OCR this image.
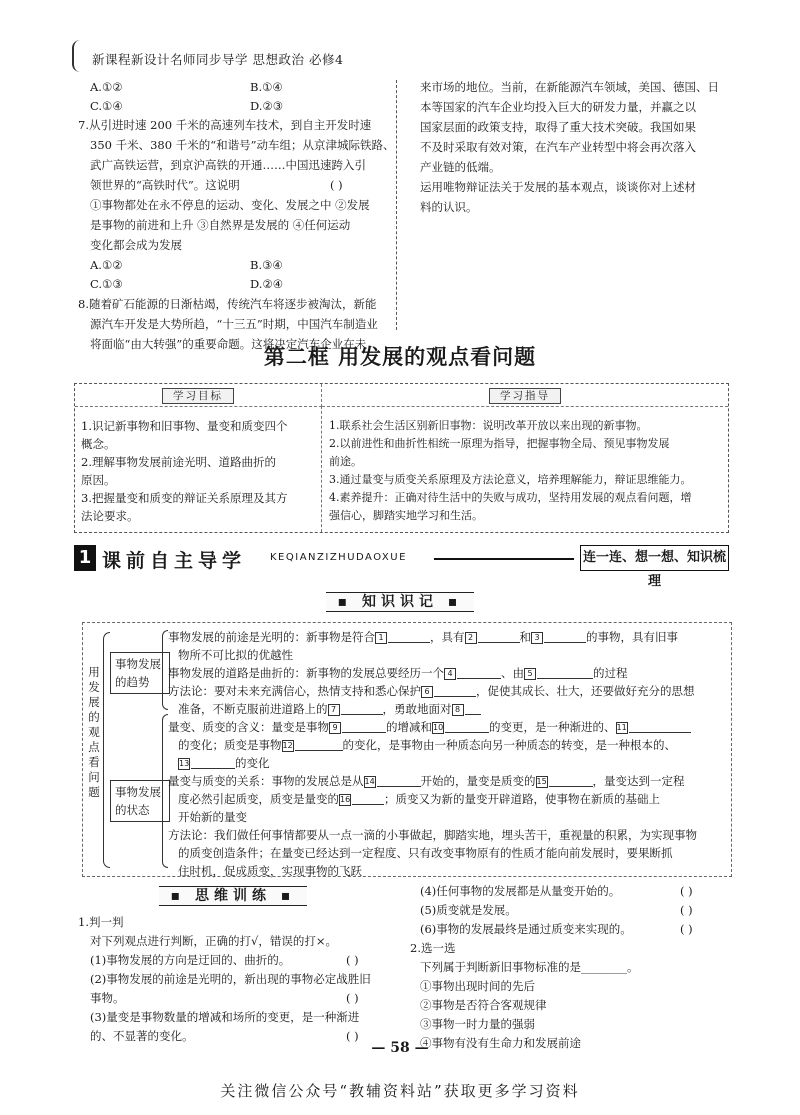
新课程新设计名师同步导学 思想政治 必修4
A.①②	B.①④
C.①④	D.②③
7.从引进时速 200 千米的高速列车技术，到自主开发时速
350 千米、380 千米的“和谐号”动车组；从京津城际铁路、
武广高铁运营，到京沪高铁的开通……中国迅速跨入引
领世界的“高铁时代”。这说明	( )
①事物都处在永不停息的运动、变化、发展之中 ②发展
是事物的前进和上升 ③自然界是发展的 ④任何运动
变化都会成为发展
A.①②	B.③④
C.①③	D.②④
8.随着矿石能源的日渐枯竭，传统汽车将逐步被淘汰，新能
源汽车开发是大势所趋，“十三五”时期，中国汽车制造业
将面临“由大转强”的重要命题。这将决定汽车企业在未
来市场的地位。当前，在新能源汽车领域，美国、德国、日
本等国家的汽车企业均投入巨大的研发力量，并赢之以
国家层面的政策支持，取得了重大技术突破。我国如果
不及时采取有效对策，在汽车产业转型中将会再次落入
产业链的低端。
运用唯物辩证法关于发展的基本观点，谈谈你对上述材
料的认识。
第二框 用发展的观点看问题
学习目标	学习指导
1.识记新事物和旧事物、量变和质变四个
概念。
2.理解事物发展前途光明、道路曲折的
原因。
3.把握量变和质变的辩证关系原理及其方
法论要求。
1.联系社会生活区别新旧事物：说明改革开放以来出现的新事物。
2.以前进性和曲折性相统一原理为指导，把握事物全局、预见事物发展
前途。
3.通过量变与质变关系原理及方法论意义，培养理解能力，辩证思维能力。
4.素养提升：正确对待生活中的失败与成功，坚持用发展的观点看问题，增
强信心，脚踏实地学习和生活。
1 课前自主导学 KEQIANZIZHUDAOXUE	连一连、想一想、知识梳理
▪ 知识识记 ▪
用发展的观点看问题
事物发展的趋势
事物发展的状态
事物发展的前途是光明的：新事物是符合 1	，具有 2	和 3	的事物，具有旧事
物所不可比拟的优越性
事物发展的道路是曲折的：新事物的发展总要经历一个 4	、由 5	的过程
方法论：要对未来充满信心，热情支持和悉心保护 6	，促使其成长、壮大，还要做好充分的思想
准备，不断克服前进道路上的 7	，勇敢地面对 8
量变、质变的含义：量变是事物 9	的增减和10	的变更，是一种渐进的、11
的变化；质变是事物12	的变化，是事物由一种质态向另一种质态的转变，是一种根本的、
13	的变化
量变与质变的关系：事物的发展总是从14	开始的，量变是质变的15	，量变达到一定程
度必然引起质变，质变是量变的16	；质变又为新的量变开辟道路，使事物在新质的基础上
开始新的量变
方法论：我们做任何事情都要从一点一滴的小事做起，脚踏实地，埋头苦干，重视量的积累，为实现事物
的质变创造条件；在量变已经达到一定程度、只有改变事物原有的性质才能向前发展时，要果断抓
住时机，促成质变，实现事物的飞跃
▪ 思维训练 ▪
1.判一判
对下列观点进行判断，正确的打√，错误的打×。
(1)事物发展的方向是迂回的、曲折的。	( )
(2)事物发展的前途是光明的，新出现的事物必定战胜旧
事物。	( )
(3)量变是事物数量的增减和场所的变更，是一种渐进
的、不显著的变化。	( )
(4)任何事物的发展都是从量变开始的。	( )
(5)质变就是发展。	( )
(6)事物的发展最终是通过质变来实现的。	( )
2.选一选
下列属于判断新旧事物标准的是________。
①事物出现时间的先后
②事物是否符合客观规律
③事物一时力量的强弱
④事物有没有生命力和发展前途
— 58 —
关注微信公众号“教辅资料站”获取更多学习资料
